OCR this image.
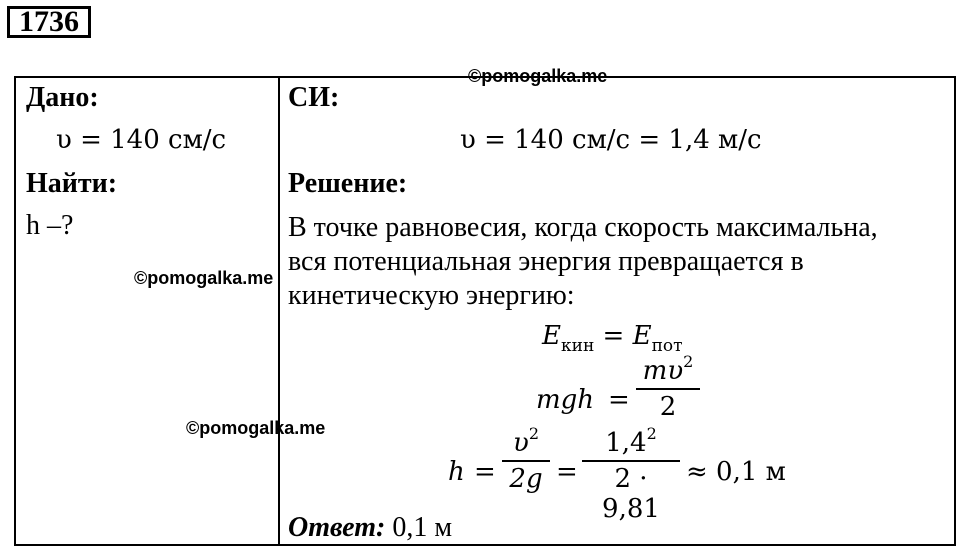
1736
Дано:
υ = 140 см/с
Найти:
h –?
СИ:
υ = 140 см/с = 1,4 м/с
Решение:
В точке равновесия, когда скорость максимальна,
вся потенциальная энергия превращается в
кинетическую энергию:
$E_{кин} = E_{пот}$
mgh =
$m\upsilon^2$
2
h =
$\upsilon^2$
2g =
$1,4^2$
2 · 9,81
≈ 0,1 м
Ответ: 0,1 м
©pomogalka.me
©pomogalka.me
©pomogalka.me
